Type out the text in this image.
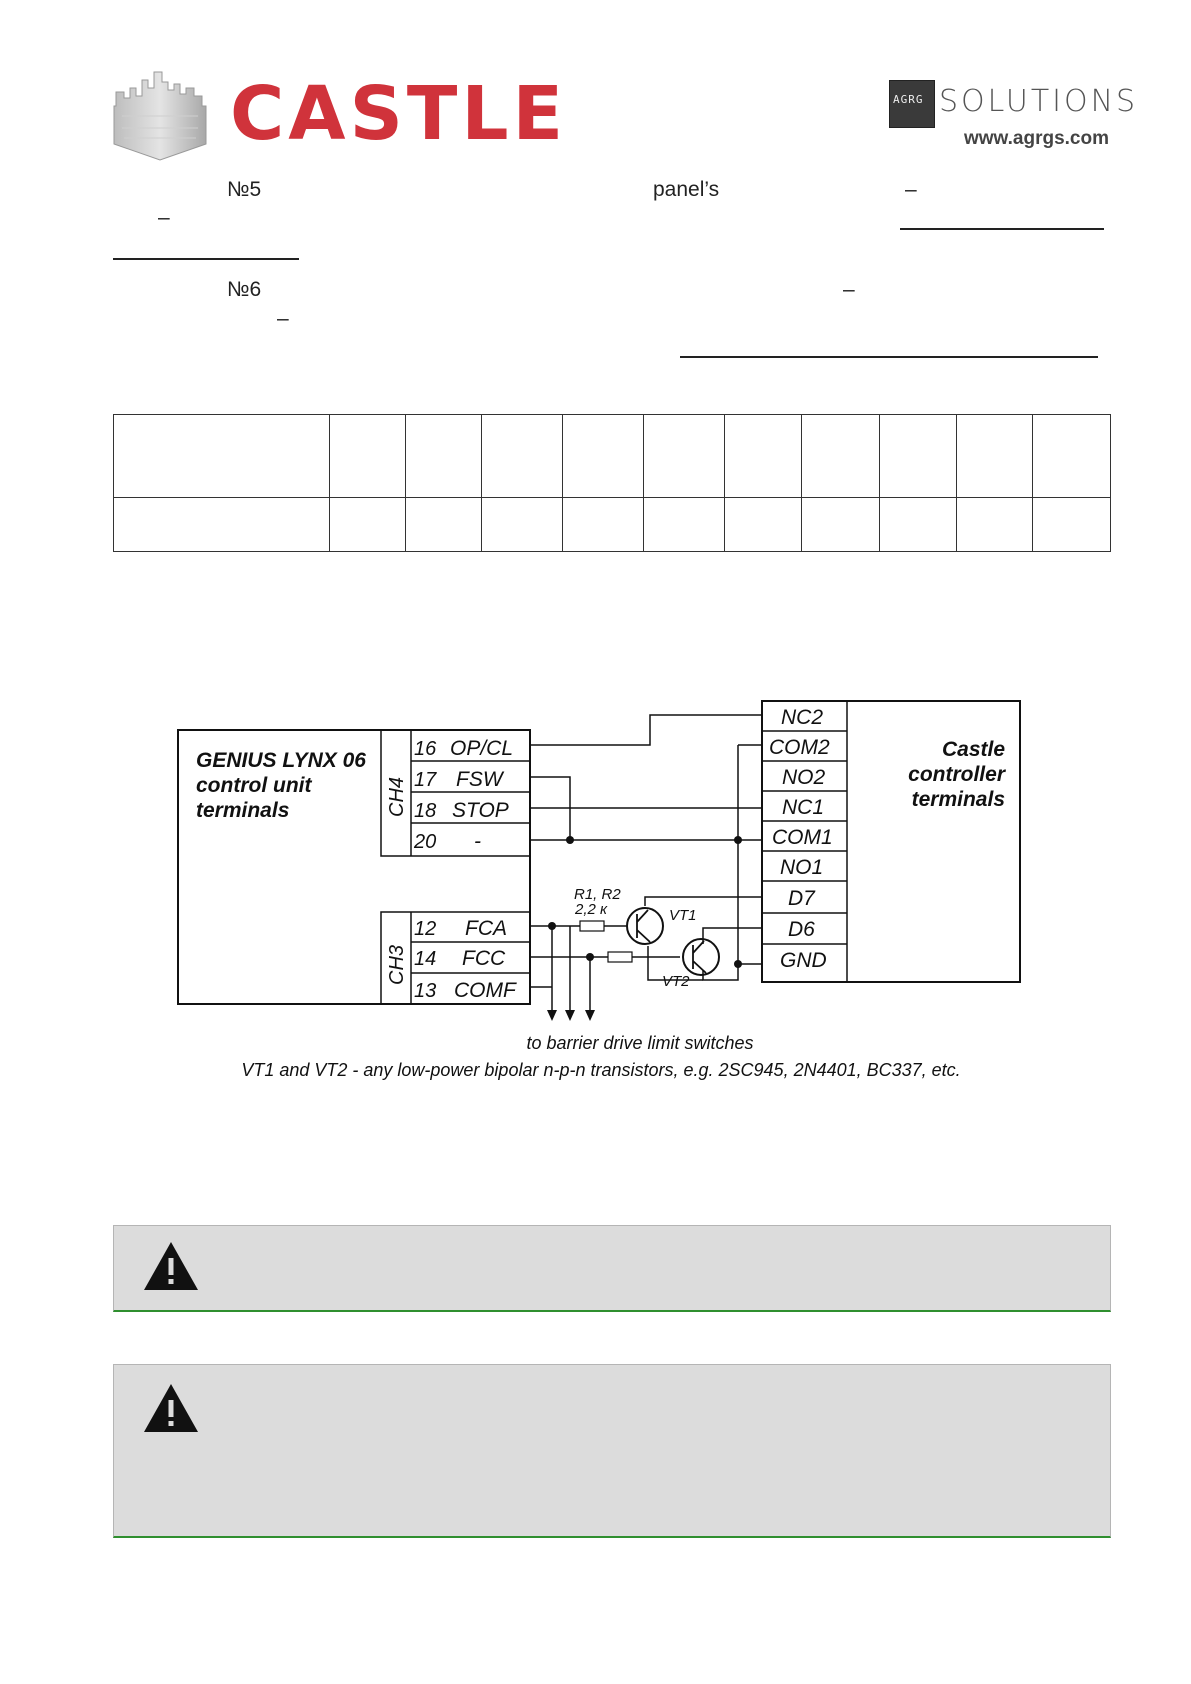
CASTLE	AGRG SOLUTIONS
www.agrgs.com
№5	panel’s	–
–
№6	–
–

GENIUS LYNX 06
control unit
terminals	CH4
CH3
16 OP/CL
17 FSW
18 STOP
20 -
12 FCA
14 FCC
13 COMF
NC2
COM2
NO2
NC1
COM1
NO1
D7
D6
GND
Castle
controller
terminals
R1, R2
2,2 к	VT1
VT2
to barrier drive limit switches
VT1 and VT2 - any low-power bipolar n-p-n transistors, e.g. 2SC945, 2N4401, BC337, etc.
